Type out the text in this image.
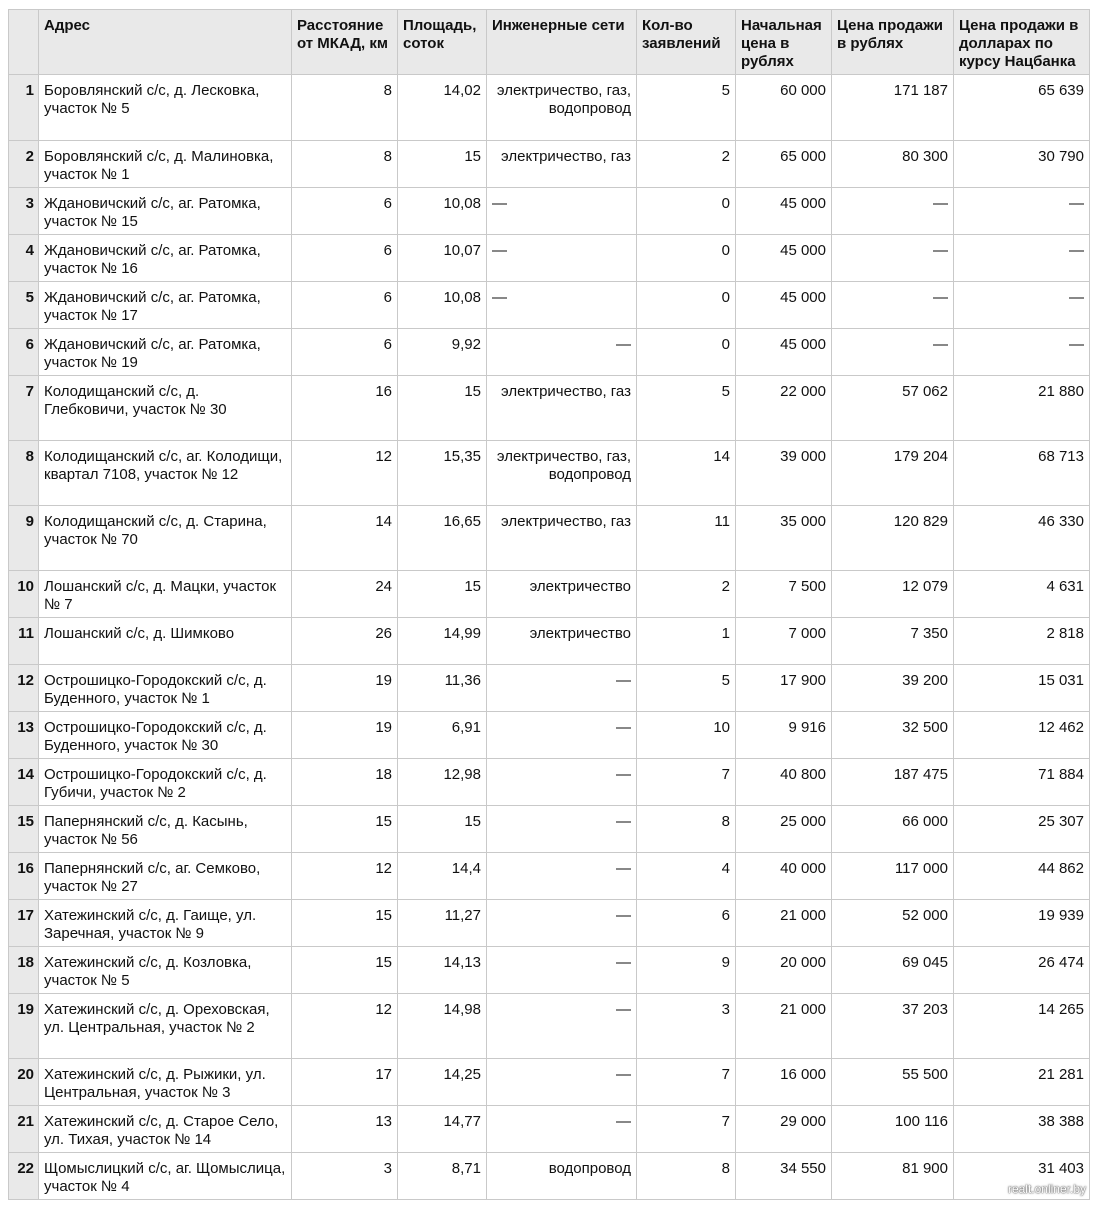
	Адрес	Расстояние от МКАД, км	Площадь, соток	Инженерные сети	Кол-во заявлений	Начальная цена в рублях	Цена продажи в рублях	Цена продажи в долларах по курсу Нацбанка
1	Боровлянский с/с, д. Лесковка, участок № 5	8	14,02	электричество, газ, водопровод	5	60 000	171 187	65 639
2	Боровлянский с/с, д. Малиновка, участок № 1	8	15	электричество, газ	2	65 000	80 300	30 790
3	Ждановичский с/с, аг. Ратомка, участок № 15	6	10,08	—	0	45 000	—	—
4	Ждановичский с/с, аг. Ратомка, участок № 16	6	10,07	—	0	45 000	—	—
5	Ждановичский с/с, аг. Ратомка, участок № 17	6	10,08	—	0	45 000	—	—
6	Ждановичский с/с, аг. Ратомка, участок № 19	6	9,92	—	0	45 000	—	—
7	Колодищанский с/с, д. Глебковичи, участок № 30	16	15	электричество, газ	5	22 000	57 062	21 880
8	Колодищанский с/с, аг. Колодищи, квартал 7108, участок № 12	12	15,35	электричество, газ, водопровод	14	39 000	179 204	68 713
9	Колодищанский с/с, д. Старина, участок № 70	14	16,65	электричество, газ	11	35 000	120 829	46 330
10	Лошанский с/с, д. Мацки, участок № 7	24	15	электричество	2	7 500	12 079	4 631
11	Лошанский с/с, д. Шимково	26	14,99	электричество	1	7 000	7 350	2 818
12	Острошицко-Городокский с/с, д. Буденного, участок № 1	19	11,36	—	5	17 900	39 200	15 031
13	Острошицко-Городокский с/с, д. Буденного, участок № 30	19	6,91	—	10	9 916	32 500	12 462
14	Острошицко-Городокский с/с, д. Губичи, участок № 2	18	12,98	—	7	40 800	187 475	71 884
15	Папернянский с/с, д. Касынь, участок № 56	15	15	—	8	25 000	66 000	25 307
16	Папернянский с/с, аг. Семково, участок № 27	12	14,4	—	4	40 000	117 000	44 862
17	Хатежинский с/с, д. Гаище, ул. Заречная, участок № 9	15	11,27	—	6	21 000	52 000	19 939
18	Хатежинский с/с, д. Козловка, участок № 5	15	14,13	—	9	20 000	69 045	26 474
19	Хатежинский с/с, д. Ореховская, ул. Центральная, участок № 2	12	14,98	—	3	21 000	37 203	14 265
20	Хатежинский с/с, д. Рыжики, ул. Центральная, участок № 3	17	14,25	—	7	16 000	55 500	21 281
21	Хатежинский с/с, д. Старое Село, ул. Тихая, участок № 14	13	14,77	—	7	29 000	100 116	38 388
22	Щомыслицкий с/с, аг. Щомыслица, участок № 4	3	8,71	водопровод	8	34 550	81 900	31 403
realt.onliner.by
